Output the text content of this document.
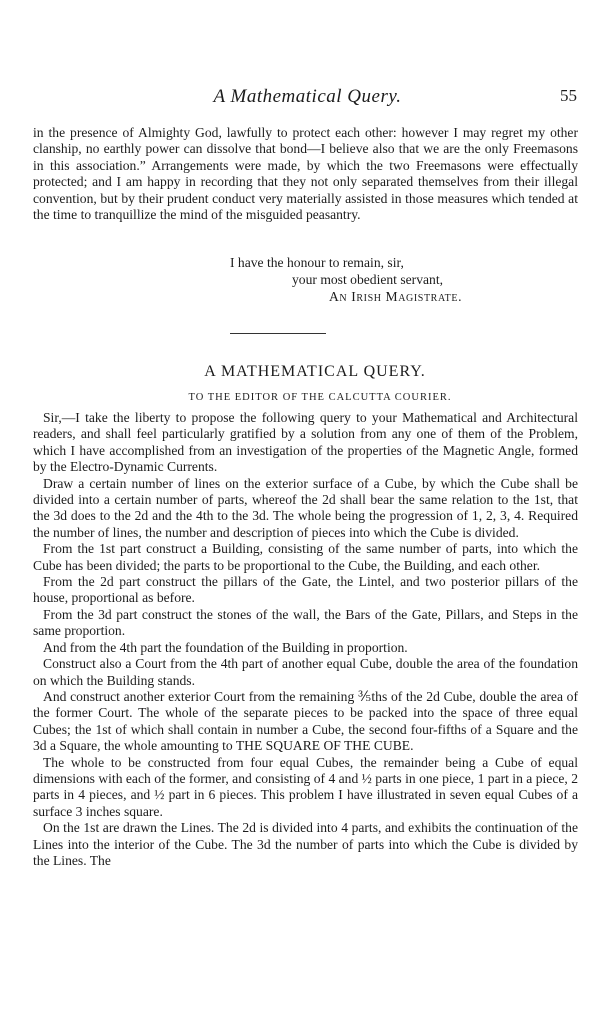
A Mathematical Query.	55

in the presence of Almighty God, lawfully to protect each other: however I may regret my other clanship, no earthly power can dissolve that bond—I believe also that we are the only Freemasons in this association.” Arrangements were made, by which the two Freemasons were effectually protected; and I am happy in recording that they not only separated themselves from their illegal convention, but by their prudent conduct very materially assisted in those measures which tended at the time to tranquillize the mind of the misguided peasantry.

I have the honour to remain, sir,
your most obedient servant,
An Irish Magistrate.
A MATHEMATICAL QUERY.
TO THE EDITOR OF THE CALCUTTA COURIER.

Sir,—I take the liberty to propose the following query to your Mathematical and Architectural readers, and shall feel particularly gratified by a solution from any one of them of the Problem, which I have accomplished from an investigation of the properties of the Magnetic Angle, formed by the Electro-Dynamic Currents.

Draw a certain number of lines on the exterior surface of a Cube, by which the Cube shall be divided into a certain number of parts, whereof the 2d shall bear the same relation to the 1st, that the 3d does to the 2d and the 4th to the 3d. The whole being the progression of 1, 2, 3, 4. Required the number of lines, the number and description of pieces into which the Cube is divided.

From the 1st part construct a Building, consisting of the same number of parts, into which the Cube has been divided; the parts to be proportional to the Cube, the Building, and each other.

From the 2d part construct the pillars of the Gate, the Lintel, and two posterior pillars of the house, proportional as before.

From the 3d part construct the stones of the wall, the Bars of the Gate, Pillars, and Steps in the same proportion.

And from the 4th part the foundation of the Building in proportion.

Construct also a Court from the 4th part of another equal Cube, double the area of the foundation on which the Building stands.

And construct another exterior Court from the remaining ⅗ths of the 2d Cube, double the area of the former Court. The whole of the separate pieces to be packed into the space of three equal Cubes; the 1st of which shall contain in number a Cube, the second four-fifths of a Square and the 3d a Square, the whole amounting to THE SQUARE OF THE CUBE.

The whole to be constructed from four equal Cubes, the remainder being a Cube of equal dimensions with each of the former, and consisting of 4 and ½ parts in one piece, 1 part in a piece, 2 parts in 4 pieces, and ½ part in 6 pieces. This problem I have illustrated in seven equal Cubes of a surface 3 inches square.

On the 1st are drawn the Lines. The 2d is divided into 4 parts, and exhibits the continuation of the Lines into the interior of the Cube. The 3d the number of parts into which the Cube is divided by the Lines. The
